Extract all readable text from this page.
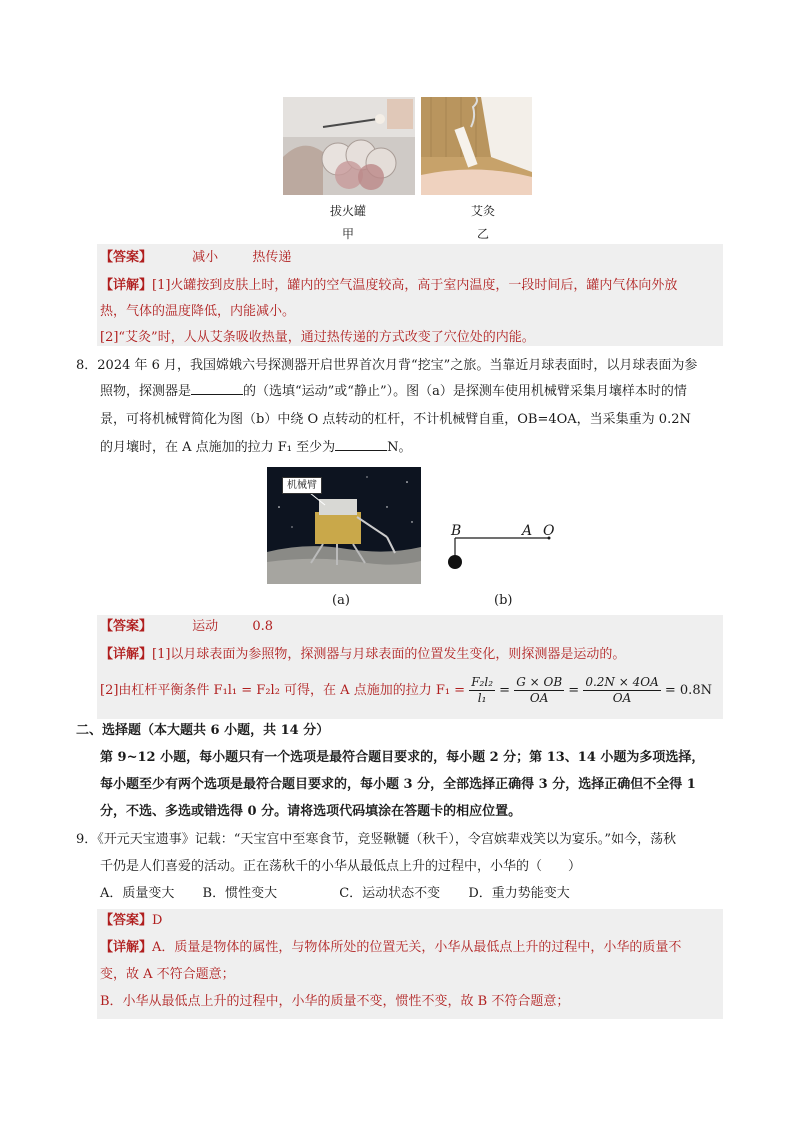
拔火罐	艾灸
甲	乙
【答案】	减小	热传递
【详解】[1]火罐按到皮肤上时，罐内的空气温度较高，高于室内温度，一段时间后，罐内气体向外放
热，气体的温度降低，内能减小。
[2]“艾灸”时，人从艾条吸收热量，通过热传递的方式改变了穴位处的内能。
8．2024 年 6 月，我国嫦娥六号探测器开启世界首次月背“挖宝”之旅。当靠近月球表面时，以月球表面为参
照物，探测器是	的（选填“运动”或“静止”）。图（a）是探测车使用机械臂采集月壤样本时的情
景，可将机械臂简化为图（b）中绕 O 点转动的杠杆，不计机械臂自重，OB=4OA，当采集重为 0.2N
的月壤时，在 A 点施加的拉力 F₁ 至少为	N。
机械臂
B	A O
(a)	(b)
【答案】	运动	0.8
【详解】[1]以月球表面为参照物，探测器与月球表面的位置发生变化，则探测器是运动的。
[2]由杠杆平衡条件 F₁l₁ = F₂l₂ 可得，在 A 点施加的拉力 $F_1 = \frac{\text{F₂l₂}}{\text{l₁}} = \frac{G \times OB}{OA} = \frac{0.2N \times 4OA}{OA} = 0.8N$
二、选择题（本大题共 6 小题，共 14 分）
第 9~12 小题，每小题只有一个选项是最符合题目要求的，每小题 2 分；第 13、14 小题为多项选择，
每小题至少有两个选项是最符合题目要求的，每小题 3 分，全部选择正确得 3 分，选择正确但不全得 1
分，不选、多选或错选得 0 分。请将选项代码填涂在答题卡的相应位置。
9．《开元天宝遗事》记载：“天宝宫中至寒食节，竞竖鞦韆（秋千），令宫嫔辈戏笑以为宴乐。”如今，荡秋
千仍是人们喜爱的活动。正在荡秋千的小华从最低点上升的过程中，小华的（　　）
A．质量变大 B．惯性变大	C．运动状态不变 D．重力势能变大
【答案】D
【详解】A．质量是物体的属性，与物体所处的位置无关，小华从最低点上升的过程中，小华的质量不
变，故 A 不符合题意；
B．小华从最低点上升的过程中，小华的质量不变，惯性不变，故 B 不符合题意；
